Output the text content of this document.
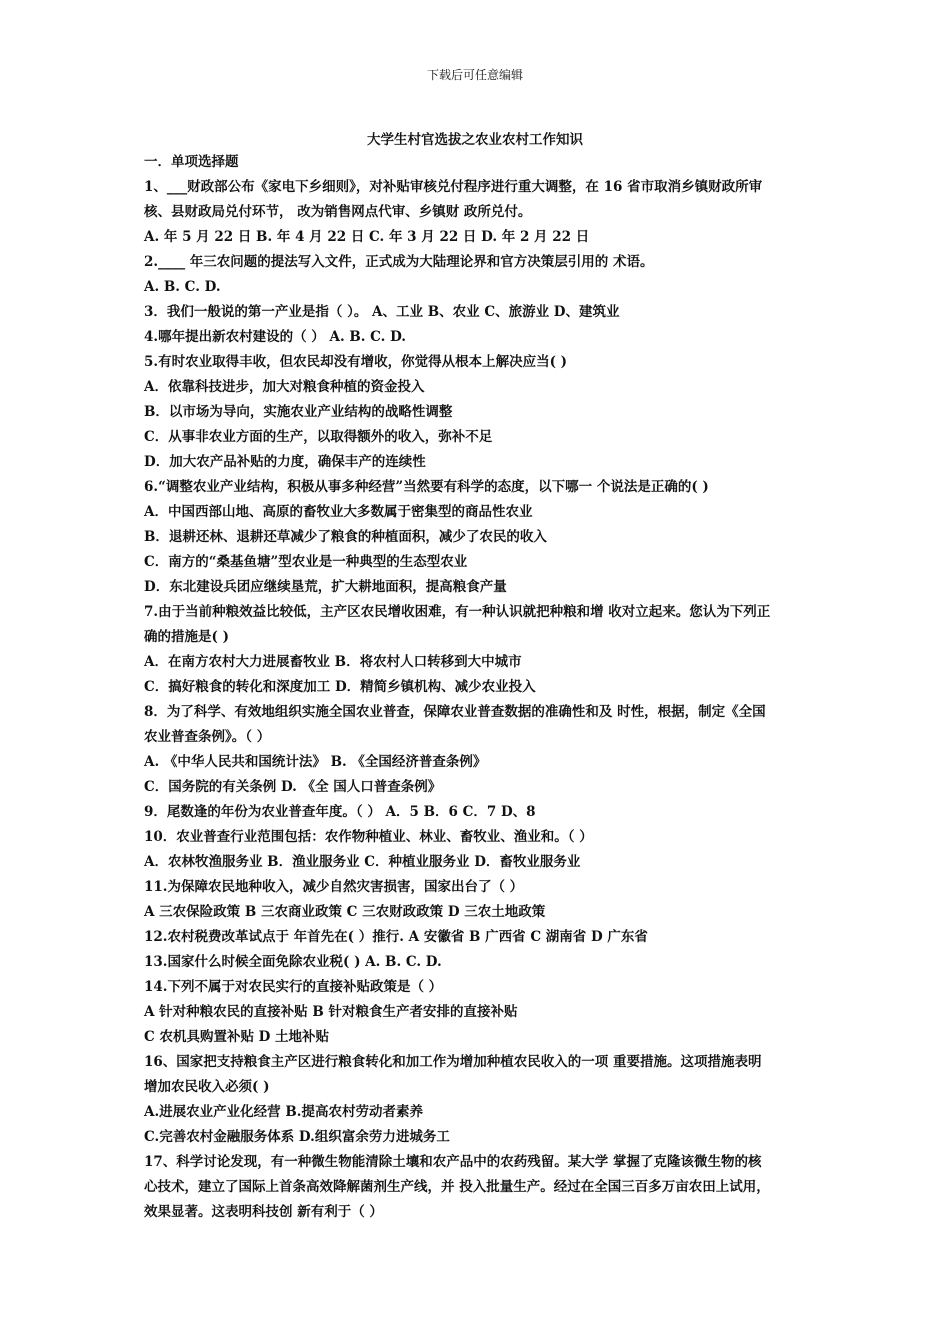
下载后可任意编辑
大学生村官选拔之农业农村工作知识
一．单项选择题
1、___财政部公布《家电下乡细则》，对补贴审核兑付程序进行重大调整，在 16 省市取消乡镇财政所审
核、县财政局兑付环节， 改为销售网点代审、乡镇财 政所兑付。
A. 年 5 月 22 日 B. 年 4 月 22 日 C. 年 3 月 22 日 D. 年 2 月 22 日
2.____ 年三农问题的提法写入文件，正式成为大陆理论界和官方决策层引用的 术语。
A. B. C. D.
3．我们一般说的第一产业是指（ ）。 A、工业 B、农业 C、旅游业 D、建筑业
4.哪年提出新农村建设的（ ） A. B. C. D.
5.有时农业取得丰收，但农民却没有增收，你觉得从根本上解决应当( )
A．依靠科技进步，加大对粮食种植的资金投入
B．以市场为导向，实施农业产业结构的战略性调整
C．从事非农业方面的生产，以取得额外的收入，弥补不足
D．加大农产品补贴的力度，确保丰产的连续性
6.“调整农业产业结构，积极从事多种经营”当然要有科学的态度，以下哪一 个说法是正确的( )
A．中国西部山地、高原的畜牧业大多数属于密集型的商品性农业
B．退耕还林、退耕还草减少了粮食的种植面积，减少了农民的收入
C．南方的“桑基鱼塘”型农业是一种典型的生态型农业
D．东北建设兵团应继续垦荒，扩大耕地面积，提高粮食产量
7.由于当前种粮效益比较低，主产区农民增收困难，有一种认识就把种粮和增 收对立起来。您认为下列正
确的措施是( )
A．在南方农村大力进展畜牧业 B．将农村人口转移到大中城市
C．搞好粮食的转化和深度加工 D．精简乡镇机构、减少农业投入
8．为了科学、有效地组织实施全国农业普查，保障农业普查数据的准确性和及 时性，根据，制定《全国
农业普查条例》。（ ）
A. 《中华人民共和国统计法》 B. 《全国经济普查条例》
C．国务院的有关条例 D. 《全 国人口普查条例》
9．尾数逢的年份为农业普查年度。（ ） A．5 B．6 C．7 D、8
10．农业普查行业范围包括：农作物种植业、林业、畜牧业、渔业和。（ ）
A．农林牧渔服务业 B．渔业服务业 C．种植业服务业 D．畜牧业服务业
11.为保障农民地种收入，减少自然灾害损害，国家出台了（ ）
A 三农保险政策 B 三农商业政策 C 三农财政政策 D 三农土地政策
12.农村税费改革试点于 年首先在( ）推行. A 安徽省 B 广西省 C 湖南省 D 广东省
13.国家什么时候全面免除农业税( ) A. B. C. D.
14.下列不属于对农民实行的直接补贴政策是（ ）
A 针对种粮农民的直接补贴 B 针对粮食生产者安排的直接补贴
C 农机具购置补贴 D 土地补贴
16、国家把支持粮食主产区进行粮食转化和加工作为增加种植农民收入的一项 重要措施。这项措施表明
增加农民收入必须( )
A.进展农业产业化经营 B.提高农村劳动者素养
C.完善农村金融服务体系 D.组织富余劳力进城务工
17、科学讨论发现，有一种微生物能清除土壤和农产品中的农药残留。某大学 掌握了克隆该微生物的核
心技术，建立了国际上首条高效降解菌剂生产线，并 投入批量生产。经过在全国三百多万亩农田上试用，
效果显著。这表明科技创 新有利于（ ）
